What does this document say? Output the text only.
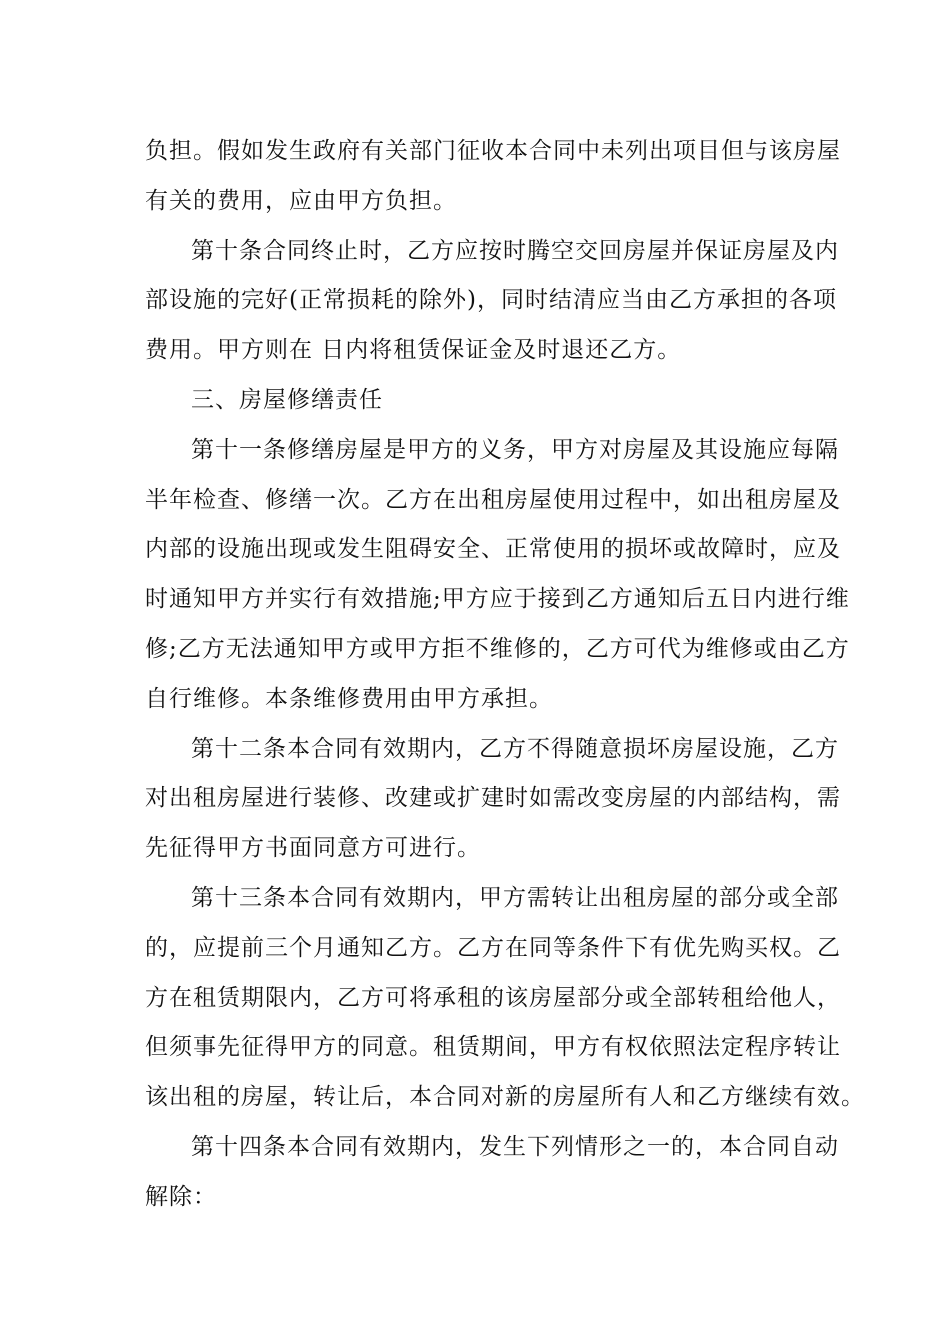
负担。假如发生政府有关部门征收本合同中未列出项目但与该房屋
有关的费用，应由甲方负担。
第十条合同终止时，乙方应按时腾空交回房屋并保证房屋及内
部设施的完好(正常损耗的除外)，同时结清应当由乙方承担的各项
费用。甲方则在 日内将租赁保证金及时退还乙方。
三、房屋修缮责任
第十一条修缮房屋是甲方的义务，甲方对房屋及其设施应每隔
半年检查、修缮一次。乙方在出租房屋使用过程中，如出租房屋及
内部的设施出现或发生阻碍安全、正常使用的损坏或故障时，应及
时通知甲方并实行有效措施;甲方应于接到乙方通知后五日内进行维
修;乙方无法通知甲方或甲方拒不维修的，乙方可代为维修或由乙方
自行维修。本条维修费用由甲方承担。
第十二条本合同有效期内，乙方不得随意损坏房屋设施，乙方
对出租房屋进行装修、改建或扩建时如需改变房屋的内部结构，需
先征得甲方书面同意方可进行。
第十三条本合同有效期内，甲方需转让出租房屋的部分或全部
的，应提前三个月通知乙方。乙方在同等条件下有优先购买权。乙
方在租赁期限内，乙方可将承租的该房屋部分或全部转租给他人，
但须事先征得甲方的同意。租赁期间，甲方有权依照法定程序转让
该出租的房屋，转让后，本合同对新的房屋所有人和乙方继续有效。
第十四条本合同有效期内，发生下列情形之一的，本合同自动
解除：
